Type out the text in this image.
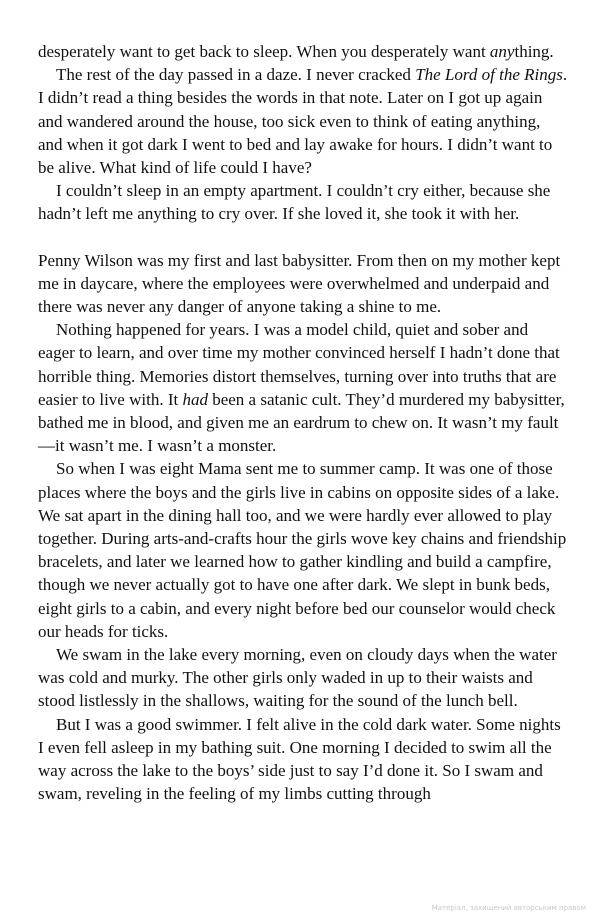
desperately want to get back to sleep. When you desperately want anything.

The rest of the day passed in a daze. I never cracked The Lord of the Rings. I didn’t read a thing besides the words in that note. Later on I got up again and wandered around the house, too sick even to think of eating anything, and when it got dark I went to bed and lay awake for hours. I didn’t want to be alive. What kind of life could I have?

I couldn’t sleep in an empty apartment. I couldn’t cry either, because she hadn’t left me anything to cry over. If she loved it, she took it with her.

Penny Wilson was my first and last babysitter. From then on my mother kept me in daycare, where the employees were overwhelmed and underpaid and there was never any danger of anyone taking a shine to me.

Nothing happened for years. I was a model child, quiet and sober and eager to learn, and over time my mother convinced herself I hadn’t done that horrible thing. Memories distort themselves, turning over into truths that are easier to live with. It had been a satanic cult. They’d murdered my babysitter, bathed me in blood, and given me an eardrum to chew on. It wasn’t my fault—it wasn’t me. I wasn’t a monster.

So when I was eight Mama sent me to summer camp. It was one of those places where the boys and the girls live in cabins on opposite sides of a lake. We sat apart in the dining hall too, and we were hardly ever allowed to play together. During arts-and-crafts hour the girls wove key chains and friendship bracelets, and later we learned how to gather kindling and build a campfire, though we never actually got to have one after dark. We slept in bunk beds, eight girls to a cabin, and every night before bed our counselor would check our heads for ticks.

We swam in the lake every morning, even on cloudy days when the water was cold and murky. The other girls only waded in up to their waists and stood listlessly in the shallows, waiting for the sound of the lunch bell.

But I was a good swimmer. I felt alive in the cold dark water. Some nights I even fell asleep in my bathing suit. One morning I decided to swim all the way across the lake to the boys’ side just to say I’d done it. So I swam and swam, reveling in the feeling of my limbs cutting through

Матеріал, захищений авторським правом
